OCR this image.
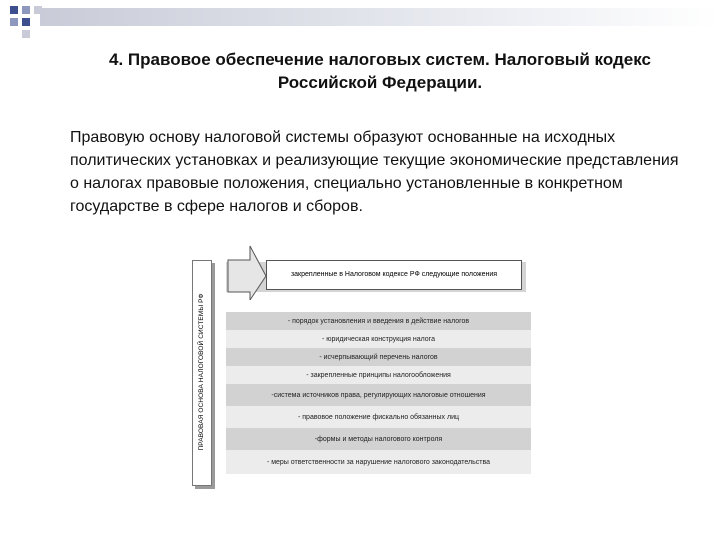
4. Правовое обеспечение налоговых систем. Налоговый кодекс Российской Федерации.
Правовую основу налоговой системы образуют основанные на исходных политических установках и реализующие текущие экономические представления о налогах правовые положения, специально установленные в конкретном государстве в сфере налогов и сборов.
ПРАВОВАЯ ОСНОВА НАЛОГОВОЙ СИСТЕМЫ РФ
закрепленные в Налоговом кодексе РФ следующие положения
- порядок установления и введения в действие налогов
- юридическая конструкция налога
- исчерпывающий перечень налогов
- закрепленные принципы налогообложения
-система источников права, регулирующих налоговые отношения
- правовое положение фискально обязанных лиц
-формы и методы налогового контроля
- меры ответственности за нарушение налогового законодательства
